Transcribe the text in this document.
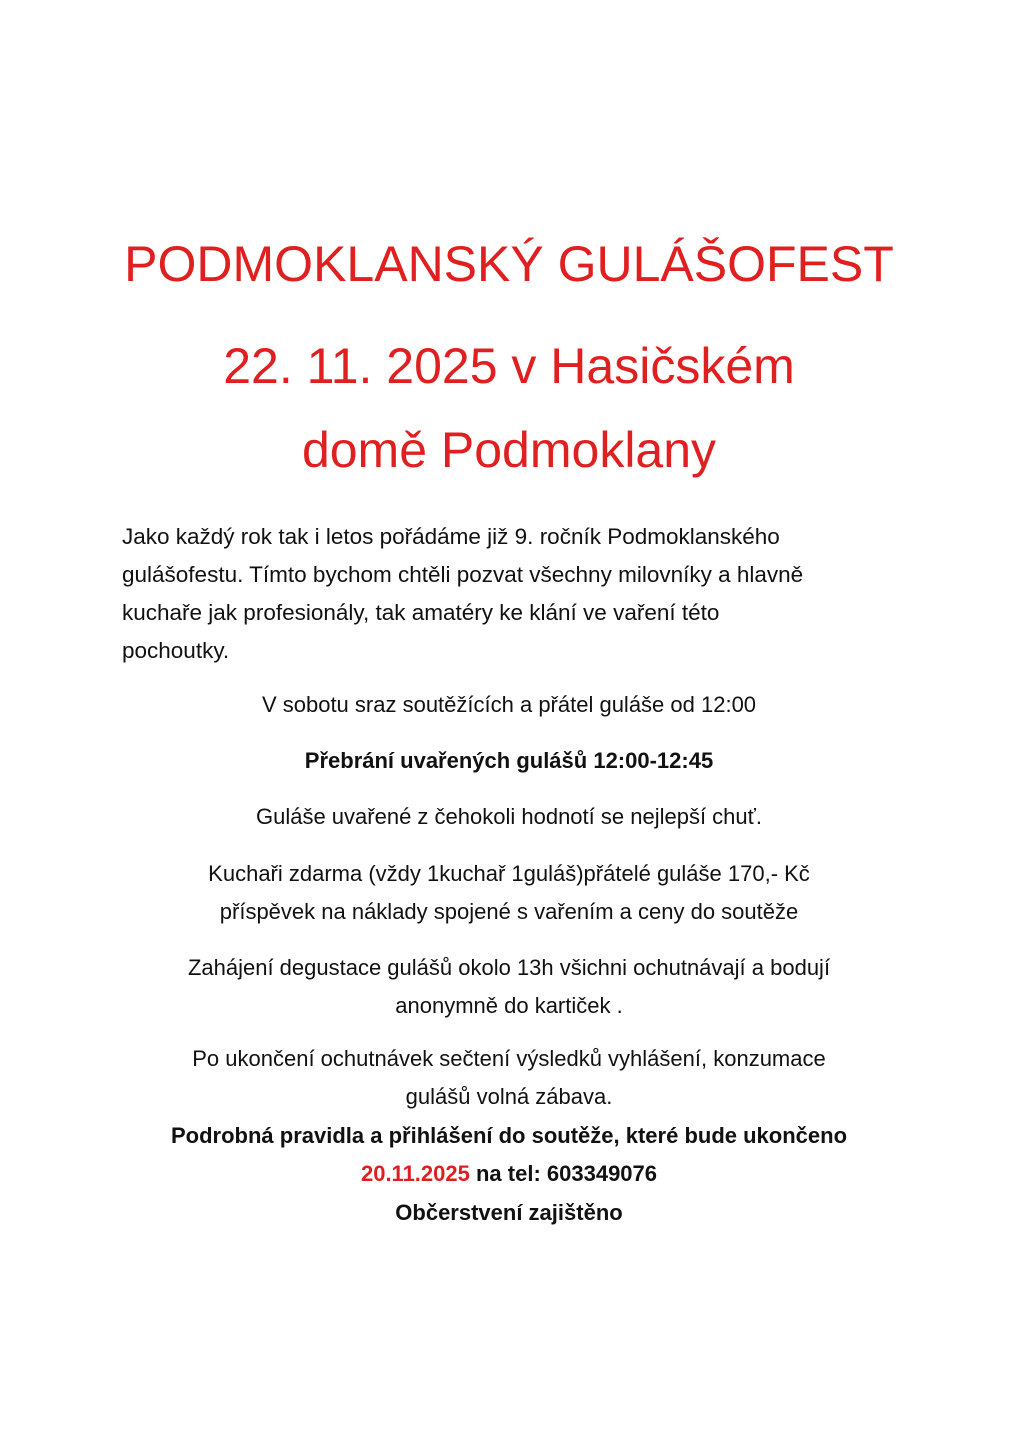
PODMOKLANSKÝ GULÁŠOFEST
22. 11. 2025 v Hasičském
domě Podmoklany

Jako každý rok tak i letos pořádáme již 9. ročník Podmoklanského
gulášofestu. Tímto bychom chtěli pozvat všechny milovníky a hlavně
kuchaře jak profesionály, tak amatéry ke klání ve vaření této
pochoutky.

V sobotu sraz soutěžících a přátel guláše od 12:00

Přebrání uvařených gulášů 12:00-12:45

Guláše uvařené z čehokoli hodnotí se nejlepší chuť.

Kuchaři zdarma (vždy 1kuchař 1guláš)přátelé guláše 170,- Kč
příspěvek na náklady spojené s vařením a ceny do soutěže

Zahájení degustace gulášů okolo 13h všichni ochutnávají a bodují
anonymně do kartiček .

Po ukončení ochutnávek sečtení výsledků vyhlášení, konzumace
gulášů volná zábava.

Podrobná pravidla a přihlášení do soutěže, které bude ukončeno

20.11.2025 na tel: 603349076

Občerstvení zajištěno
